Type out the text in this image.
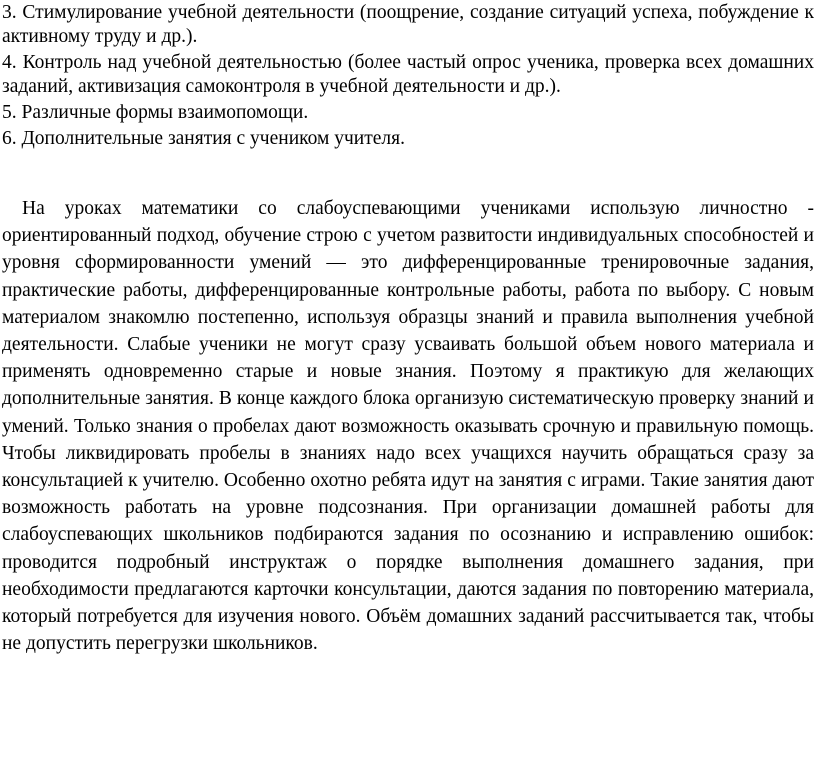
3. Стимулирование учебной деятельности (поощрение, создание ситуаций успеха, побуждение к активному труду и др.).

4. Контроль над учебной деятельностью (более частый опрос ученика, проверка всех домашних заданий, активизация самоконтроля в учебной деятельности и др.).

5. Различные формы взаимопомощи.

6. Дополнительные занятия с учеником учителя.

На уроках математики со слабоуспевающими учениками использую личностно - ориентированный подход, обучение строю с учетом развитости индивидуальных способностей и уровня сформированности умений — это дифференцированные тренировочные задания, практические работы, дифференцированные контрольные работы, работа по выбору. С новым материалом знакомлю постепенно, используя образцы знаний и правила выполнения учебной деятельности. Слабые ученики не могут сразу усваивать большой объем нового материала и применять одновременно старые и новые знания. Поэтому я практикую для желающих дополнительные занятия. В конце каждого блока организую систематическую проверку знаний и умений. Только знания о пробелах дают возможность оказывать срочную и правильную помощь. Чтобы ликвидировать пробелы в знаниях надо всех учащихся научить обращаться сразу за консультацией к учителю. Особенно охотно ребята идут на занятия с играми. Такие занятия дают возможность работать на уровне подсознания. При организации домашней работы для слабоуспевающих школьников подбираются задания по осознанию и исправлению ошибок: проводится подробный инструктаж о порядке выполнения домашнего задания, при необходимости предлагаются карточки консультации, даются задания по повторению материала, который потребуется для изучения нового. Объём домашних заданий рассчитывается так, чтобы не допустить перегрузки школьников.
